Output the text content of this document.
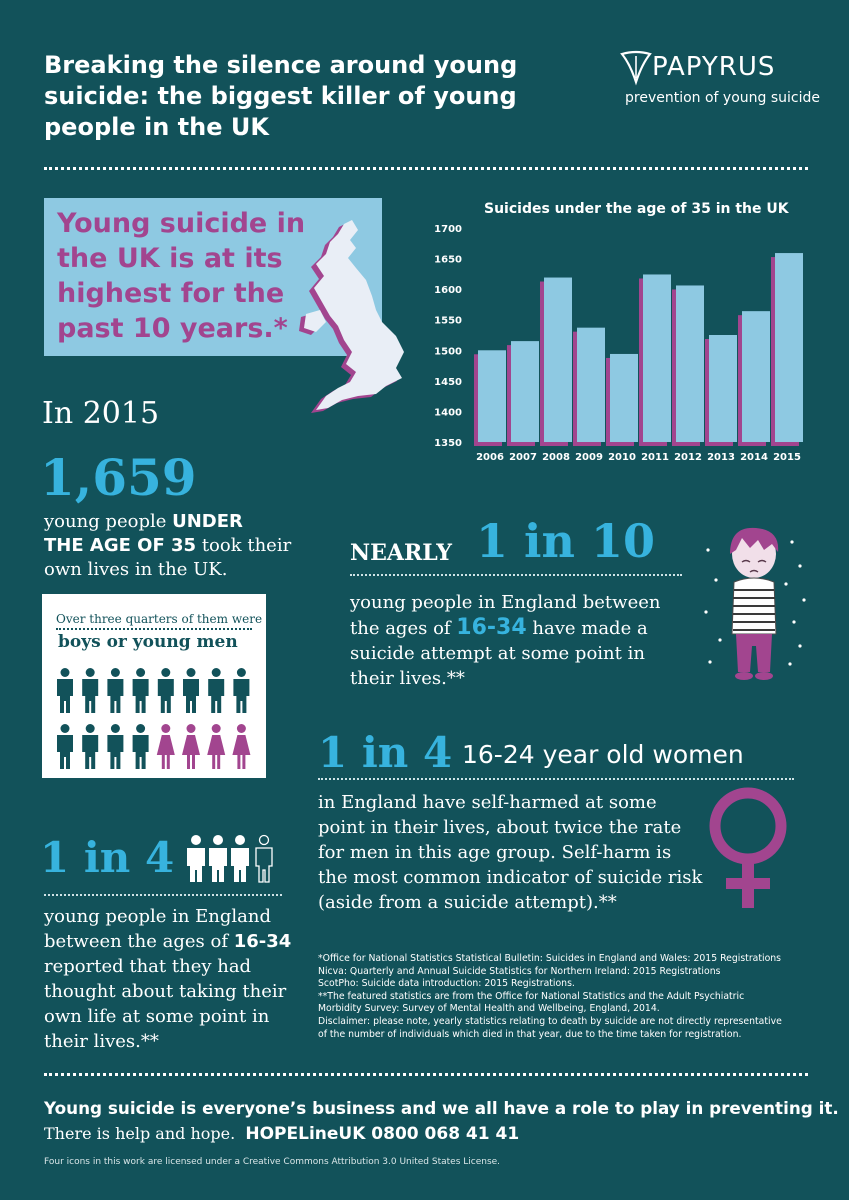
Breaking the silence around young suicide: the biggest killer of young people in the UK
PAPYRUS
prevention of young suicide
Young suicide in the UK is at its highest for the past 10 years.*
Suicides under the age of 35 in the UK
1350
1400
1450
1500
1550
1600
1650
1700
2006 2007 2008 2009 2010 2011 2012 2013 2014 2015
In 2015
1,659
young people UNDER
THE AGE OF 35 took their
own lives in the UK.
Over three quarters of them were
boys or young men
NEARLY 1 in 10
young people in England between
the ages of 16-34 have made a
suicide attempt at some point in
their lives.**
1 in 4 16-24 year old women
in England have self-harmed at some
point in their lives, about twice the rate
for men in this age group. Self-harm is
the most common indicator of suicide risk
(aside from a suicide attempt).**
1 in 4
young people in England
between the ages of 16-34
reported that they had
thought about taking their
own life at some point in
their lives.**
*Office for National Statistics Statistical Bulletin: Suicides in England and Wales: 2015 Registrations
Nicva: Quarterly and Annual Suicide Statistics for Northern Ireland: 2015 Registrations
ScotPho: Suicide data introduction: 2015 Registrations.
**The featured statistics are from the Office for National Statistics and the Adult Psychiatric
Morbidity Survey: Survey of Mental Health and Wellbeing, England, 2014.
Disclaimer: please note, yearly statistics relating to death by suicide are not directly representative
of the number of individuals which died in that year, due to the time taken for registration.
Young suicide is everyone’s business and we all have a role to play in preventing it.
There is help and hope. HOPELineUK 0800 068 41 41
Four icons in this work are licensed under a Creative Commons Attribution 3.0 United States License.
